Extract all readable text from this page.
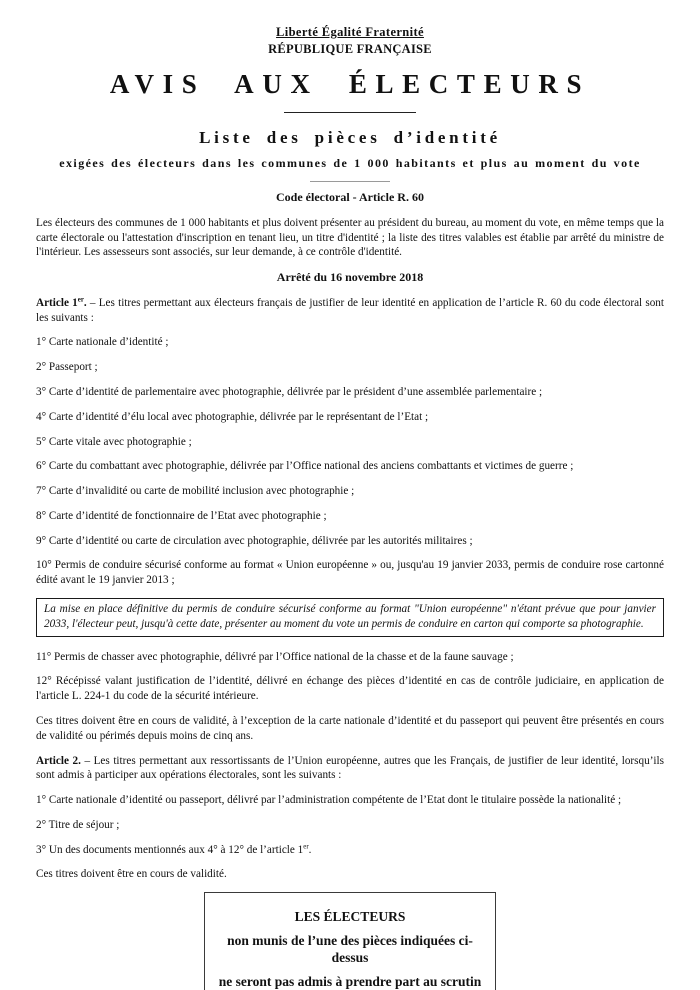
Liberté Égalité Fraternité
RÉPUBLIQUE FRANÇAISE
AVIS AUX ÉLECTEURS
Liste des pièces d’identité
exigées des électeurs dans les communes de 1 000 habitants et plus au moment du vote
Code électoral - Article R. 60

Les électeurs des communes de 1 000 habitants et plus doivent présenter au président du bureau, au moment du vote, en même temps que la carte électorale ou l'attestation d'inscription en tenant lieu, un titre d'identité ; la liste des titres valables est établie par arrêté du ministre de l'intérieur. Les assesseurs sont associés, sur leur demande, à ce contrôle d'identité.

Arrêté du 16 novembre 2018

Article 1er. – Les titres permettant aux électeurs français de justifier de leur identité en application de l’article R. 60 du code électoral sont les suivants :

1° Carte nationale d’identité ;

2° Passeport ;

3° Carte d’identité de parlementaire avec photographie, délivrée par le président d’une assemblée parlementaire ;

4° Carte d’identité d’élu local avec photographie, délivrée par le représentant de l’Etat ;

5° Carte vitale avec photographie ;

6° Carte du combattant avec photographie, délivrée par l’Office national des anciens combattants et victimes de guerre ;

7° Carte d’invalidité ou carte de mobilité inclusion avec photographie ;

8° Carte d’identité de fonctionnaire de l’Etat avec photographie ;

9° Carte d’identité ou carte de circulation avec photographie, délivrée par les autorités militaires ;

10° Permis de conduire sécurisé conforme au format « Union européenne » ou, jusqu'au 19 janvier 2033, permis de conduire rose cartonné édité avant le 19 janvier 2013 ;

La mise en place définitive du permis de conduire sécurisé conforme au format "Union européenne" n'étant prévue que pour janvier 2033, l'électeur peut, jusqu'à cette date, présenter au moment du vote un permis de conduire en carton qui comporte sa photographie.

11° Permis de chasser avec photographie, délivré par l’Office national de la chasse et de la faune sauvage ;

12° Récépissé valant justification de l’identité, délivré en échange des pièces d’identité en cas de contrôle judiciaire, en application de l'article L. 224-1 du code de la sécurité intérieure.

Ces titres doivent être en cours de validité, à l’exception de la carte nationale d’identité et du passeport qui peuvent être présentés en cours de validité ou périmés depuis moins de cinq ans.

Article 2. – Les titres permettant aux ressortissants de l’Union européenne, autres que les Français, de justifier de leur identité, lorsqu’ils sont admis à participer aux opérations électorales, sont les suivants :

1° Carte nationale d’identité ou passeport, délivré par l’administration compétente de l’Etat dont le titulaire possède la nationalité ;

2° Titre de séjour ;

3° Un des documents mentionnés aux 4° à 12° de l’article 1er.

Ces titres doivent être en cours de validité.

LES ÉLECTEURS

non munis de l’une des pièces indiquées ci-dessus

ne seront pas admis à prendre part au scrutin
